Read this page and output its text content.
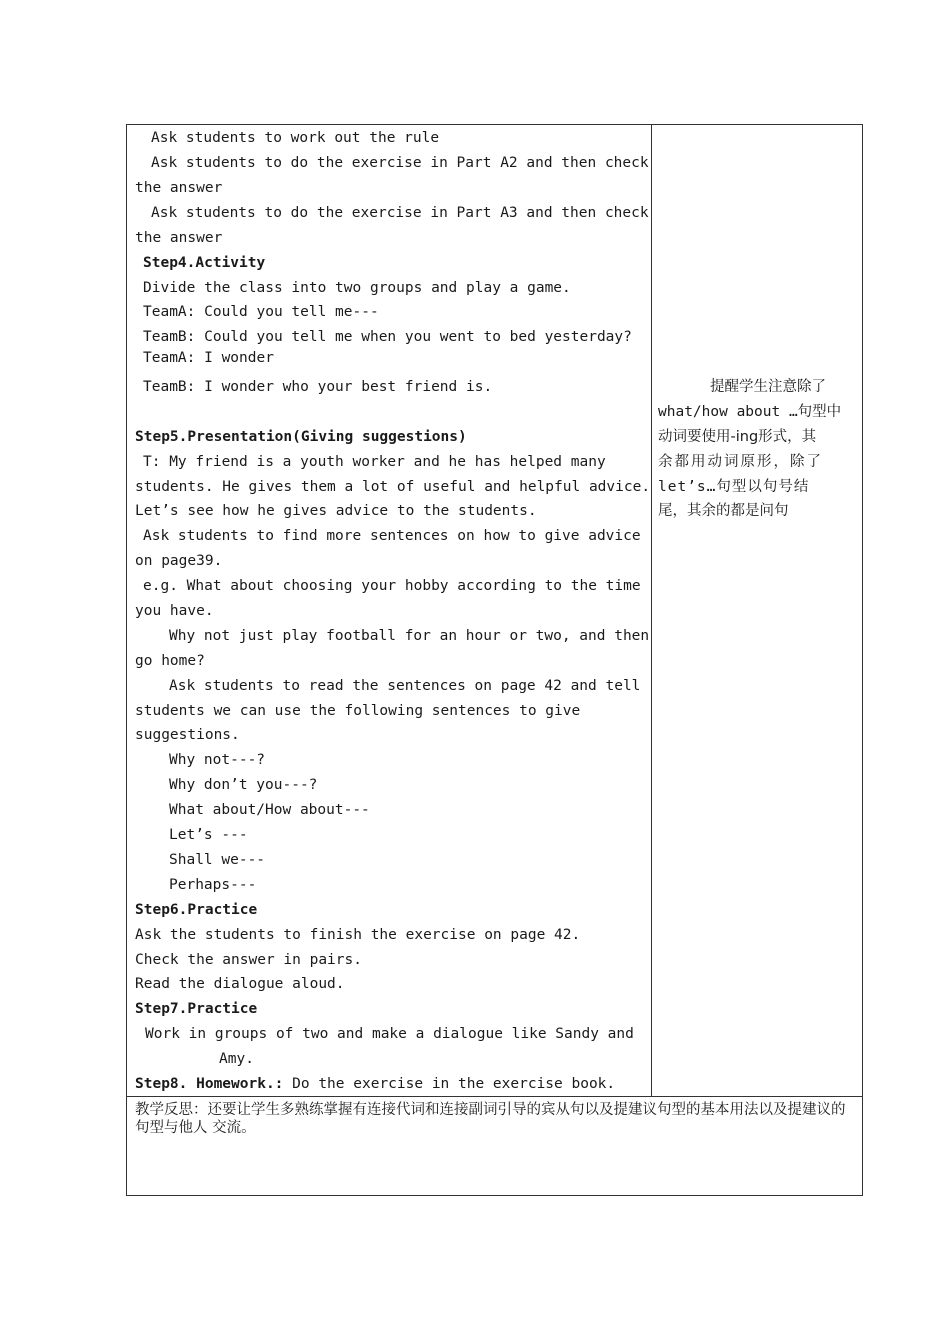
Ask students to work out the rule
Ask students to do the exercise in Part A2 and then check
the answer
Ask students to do the exercise in Part A3 and then check
the answer
Step4.Activity
Divide the class into two groups and play a game.
TeamA: Could you tell me---
TeamB: Could you tell me when you went to bed yesterday?
TeamA: I wonder
TeamB: I wonder who your best friend is.
Step5.Presentation(Giving suggestions)
T: My friend is a youth worker and he has helped many
students. He gives them a lot of useful and helpful advice.
Let’s see how he gives advice to the students.
Ask students to find more sentences on how to give advice
on page39.
e.g. What about choosing your hobby according to the time
you have.
Why not just play football for an hour or two, and then
go home?
Ask students to read the sentences on page 42 and tell
students we can use the following sentences to give
suggestions.
Why not---?
Why don’t you---?
What about/How about---
Let’s ---
Shall we---
Perhaps---
Step6.Practice
Ask the students to finish the exercise on page 42.
Check the answer in pairs.
Read the dialogue aloud.
Step7.Practice
Work in groups of two and make a dialogue like Sandy and
Amy.
Step8. Homework.: Do the exercise in the exercise book.
提醒学生注意除了
what/how about …句型中
动词要使用-ing形式，其
余都用动词原形，除了
let’s…句型以句号结
尾，其余的都是问句
教学反思：还要让学生多熟练掌握有连接代词和连接副词引导的宾从句以及提建议句型的基本用法以及提建议的句型与他人 交流。
